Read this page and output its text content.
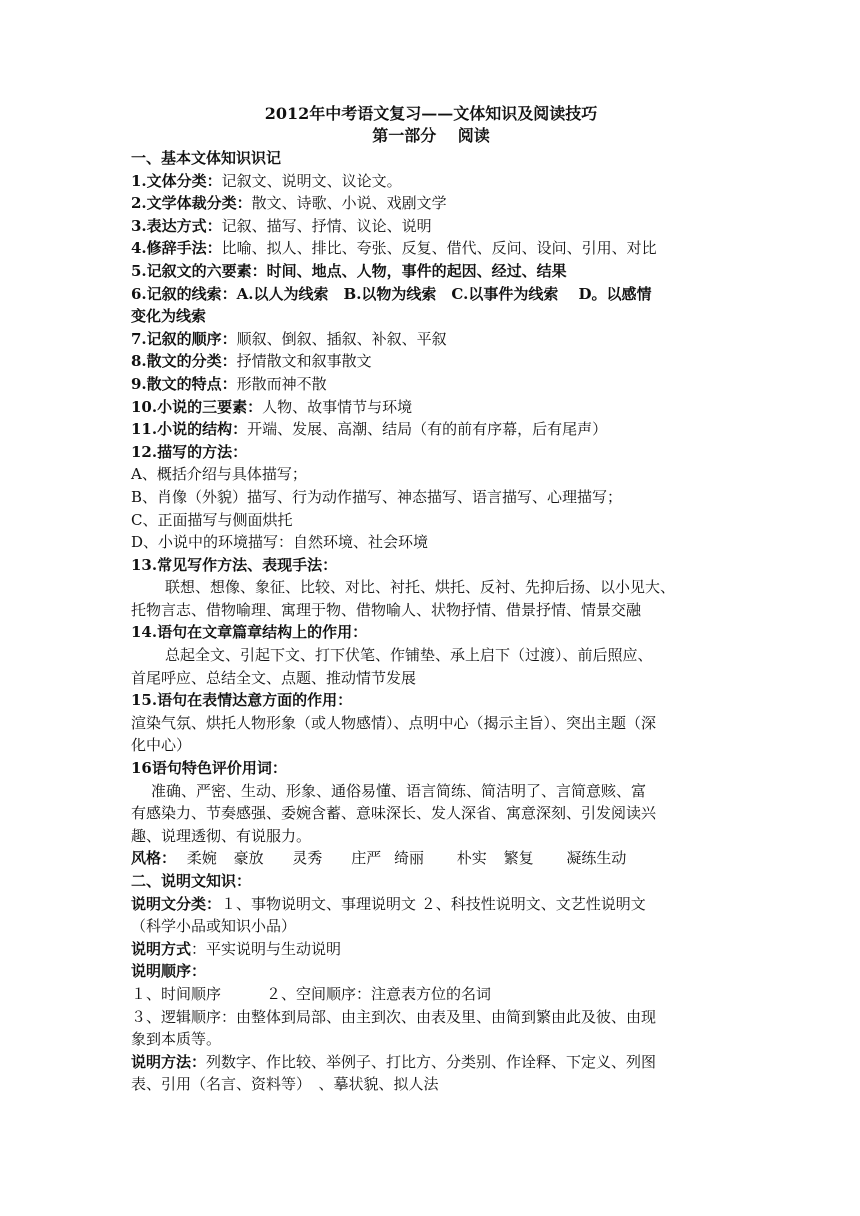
2012年中考语文复习——文体知识及阅读技巧

第一部分　 阅读

一、基本文体知识识记

1.文体分类：记叙文、说明文、议论文。

2.文学体裁分类：散文、诗歌、小说、戏剧文学

3.表达方式：记叙、描写、抒情、议论、说明

4.修辞手法：比喻、拟人、排比、夸张、反复、借代、反问、设问、引用、对比

5.记叙文的六要素：时间、地点、人物，事件的起因、经过、结果

6.记叙的线索：A.以人为线索　B.以物为线索　C.以事件为线索　 D。以感情

变化为线索

7.记叙的顺序：顺叙、倒叙、插叙、补叙、平叙

8.散文的分类：抒情散文和叙事散文

9.散文的特点：形散而神不散

10.小说的三要素：人物、故事情节与环境

11.小说的结构：开端、发展、高潮、结局（有的前有序幕，后有尾声）

12.描写的方法：

A、概括介绍与具体描写；

B、肖像（外貌）描写、行为动作描写、神态描写、语言描写、心理描写；

C、正面描写与侧面烘托

D、小说中的环境描写：自然环境、社会环境

13.常见写作方法、表现手法：

联想、想像、象征、比较、对比、衬托、烘托、反衬、先抑后扬、以小见大、

托物言志、借物喻理、寓理于物、借物喻人、状物抒情、借景抒情、情景交融

14.语句在文章篇章结构上的作用：

总起全文、引起下文、打下伏笔、作铺垫、承上启下（过渡）、前后照应、

首尾呼应、总结全文、点题、推动情节发展

15.语句在表情达意方面的作用：

渲染气氛、烘托人物形象（或人物感情）、点明中心（揭示主旨）、突出主题（深

化中心）

16语句特色评价用词：

准确、严密、生动、形象、通俗易懂、语言简练、简洁明了、言简意赅、富

有感染力、节奏感强、委婉含蓄、意味深长、发人深省、寓意深刻、引发阅读兴

趣、说理透彻、有说服力。

风格： 柔婉 豪放 灵秀 庄严 绮丽 朴实 繁复 凝练生动

二、说明文知识：

说明文分类：１、事物说明文、事理说明文 ２、科技性说明文、文艺性说明文

（科学小品或知识小品）

说明方式：平实说明与生动说明

说明顺序：

１、时间顺序　　　２、空间顺序：注意表方位的名词

３、逻辑顺序：由整体到局部、由主到次、由表及里、由简到繁由此及彼、由现

象到本质等。

说明方法：列数字、作比较、举例子、打比方、分类别、作诠释、下定义、列图

表、引用（名言、资料等）　、摹状貌、拟人法
